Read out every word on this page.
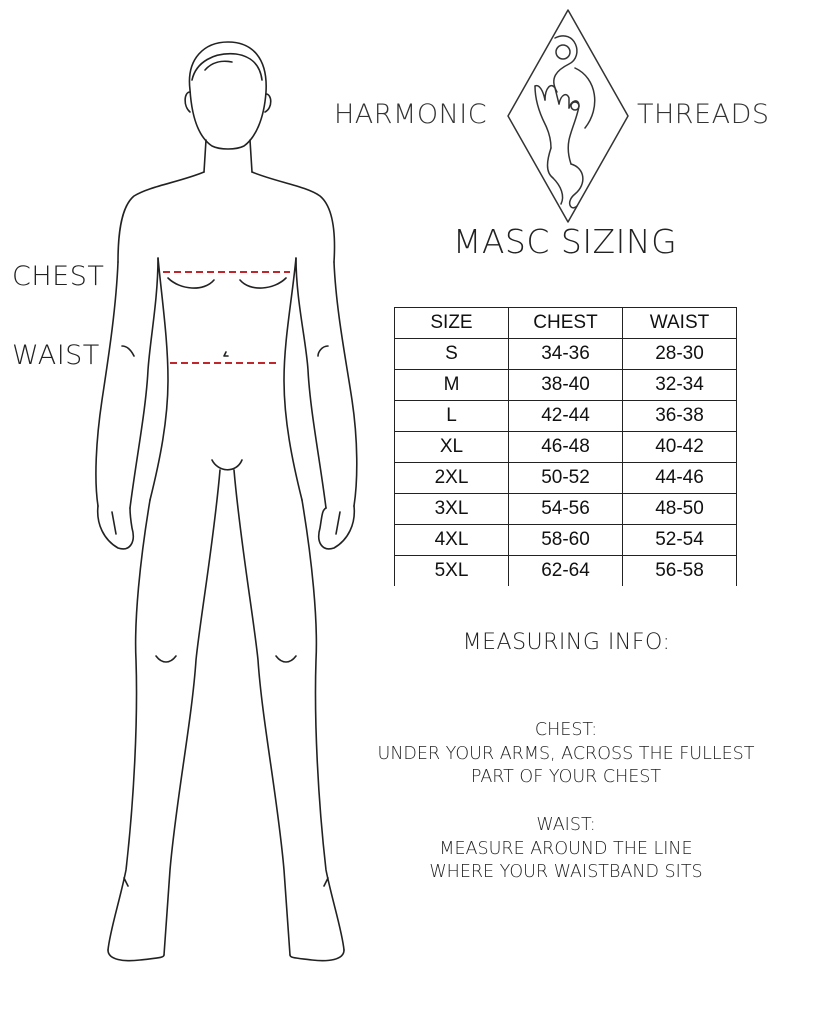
CHEST
WAIST
HARMONIC	THREADS
MASC SIZING
SIZE	CHEST	WAIST
S	34-36	28-30
M	38-40	32-34
L	42-44	36-38
XL	46-48	40-42
2XL	50-52	44-46
3XL	54-56	48-50
4XL	58-60	52-54
5XL	62-64	56-58
MEASURING INFO:
CHEST:
UNDER YOUR ARMS, ACROSS THE FULLEST
PART OF YOUR CHEST
WAIST:
MEASURE AROUND THE LINE
WHERE YOUR WAISTBAND SITS
